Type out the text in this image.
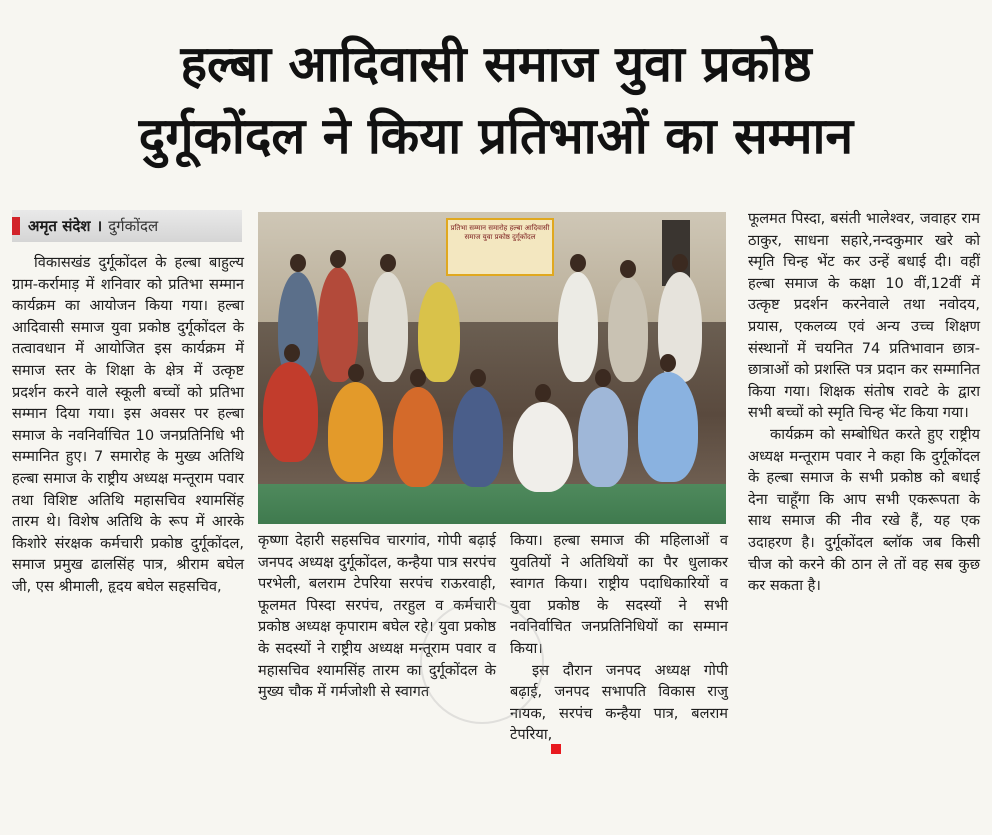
हल्बा आदिवासी समाज युवा प्रकोष्ठ
दुर्गूकोंदल ने किया प्रतिभाओं का सम्मान
अमृत संदेश । दुर्गकोंदल

विकासखंड दुर्गूकोंदल के हल्बा बाहुल्य ग्राम-कर्रामाड़ में शनिवार को प्रतिभा सम्मान कार्यक्रम का आयोजन किया गया। हल्बा आदिवासी समाज युवा प्रकोष्ठ दुर्गूकोंदल के तत्वावधान में आयोजित इस कार्यक्रम में समाज स्तर के शिक्षा के क्षेत्र में उत्कृष्ट प्रदर्शन करने वाले स्कूली बच्चों को प्रतिभा सम्मान दिया गया। इस अवसर पर हल्बा समाज के नवनिर्वाचित 10 जनप्रतिनिधि भी सम्मानित हुए। 7 समारोह के मुख्य अतिथि हल्बा समाज के राष्ट्रीय अध्यक्ष मन्तूराम पवार तथा विशिष्ट अतिथि महासचिव श्यामसिंह तारम थे। विशेष अतिथि के रूप में आरके किशोरे संरक्षक कर्मचारी प्रकोष्ठ दुर्गूकोंदल, समाज प्रमुख ढालसिंह पात्र, श्रीराम बघेल जी, एस श्रीमाली, हृदय बघेल सहसचिव,

प्रतिभा सम्मान समारोह हल्बा आदिवासी समाज युवा प्रकोष्ठ दुर्गूकोंदल

कृष्णा देहारी सहसचिव चारगांव, गोपी बढ़ाई जनपद अध्यक्ष दुर्गूकोंदल, कन्हैया पात्र सरपंच परभेली, बलराम टेपरिया सरपंच राऊरवाही, फूलमत पिस्दा सरपंच, तरहुल व कर्मचारी प्रकोष्ठ अध्यक्ष कृपाराम बघेल रहे। युवा प्रकोष्ठ के सदस्यों ने राष्ट्रीय अध्यक्ष मन्तूराम पवार व महासचिव श्यामसिंह तारम का दुर्गूकोंदल के मुख्य चौक में गर्मजोशी से स्वागत

किया। हल्बा समाज की महिलाओं व युवतियों ने अतिथियों का पैर धुलाकर स्वागत किया। राष्ट्रीय पदाधिकारियों व युवा प्रकोष्ठ के सदस्यों ने सभी नवनिर्वाचित जनप्रतिनिधियों का सम्मान किया।

इस दौरान जनपद अध्यक्ष गोपी बढ़ाई, जनपद सभापति विकास राजु नायक, सरपंच कन्हैया पात्र, बलराम टेपरिया,

फूलमत पिस्दा, बसंती भालेश्वर, जवाहर राम ठाकुर, साधना सहारे,नन्दकुमार खरे को स्मृति चिन्ह भेंट कर उन्हें बधाई दी। वहीं हल्बा समाज के कक्षा 10 वीं,12वीं में उत्कृष्ट प्रदर्शन करनेवाले तथा नवोदय, प्रयास, एकलव्य एवं अन्य उच्च शिक्षण संस्थानों में चयनित 74 प्रतिभावान छात्र-छात्राओं को प्रशस्ति पत्र प्रदान कर सम्मानित किया गया। शिक्षक संतोष रावटे के द्वारा सभी बच्चों को स्मृति चिन्ह भेंट किया गया।

कार्यक्रम को सम्बोधित करते हुए राष्ट्रीय अध्यक्ष मन्तूराम पवार ने कहा कि दुर्गूकोंदल के हल्बा समाज के सभी प्रकोष्ठ को बधाई देना चाहूँगा कि आप सभी एकरूपता के साथ समाज की नीव रखे हैं, यह एक उदाहरण है। दुर्गूकोंदल ब्लॉक जब किसी चीज को करने की ठान ले तों वह सब कुछ कर सकता है।
